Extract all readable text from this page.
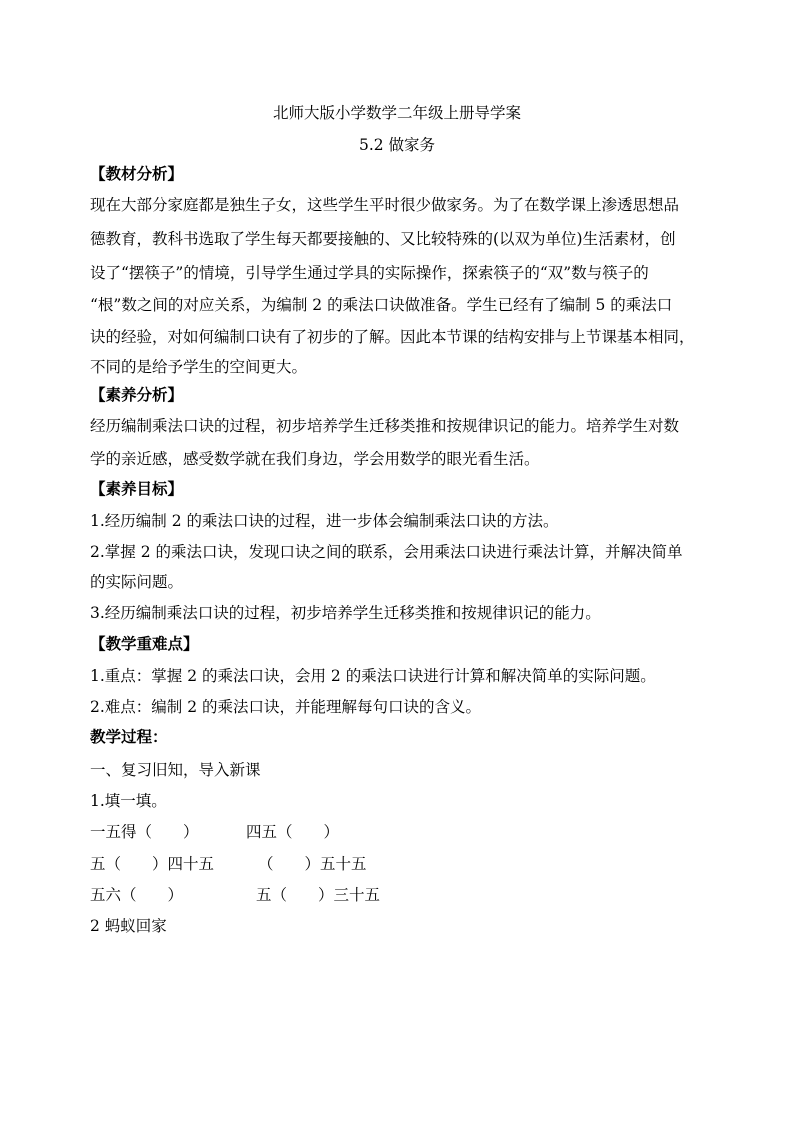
北师大版小学数学二年级上册导学案
5.2 做家务
【教材分析】
现在大部分家庭都是独生子女，这些学生平时很少做家务。为了在数学课上渗透思想品
德教育，教科书选取了学生每天都要接触的、又比较特殊的(以双为单位)生活素材，创
设了“摆筷子”的情境，引导学生通过学具的实际操作，探索筷子的“双”数与筷子的
“根”数之间的对应关系，为编制 2 的乘法口诀做准备。学生已经有了编制 5 的乘法口
诀的经验，对如何编制口诀有了初步的了解。因此本节课的结构安排与上节课基本相同，
不同的是给予学生的空间更大。
【素养分析】
经历编制乘法口诀的过程，初步培养学生迁移类推和按规律识记的能力。培养学生对数
学的亲近感，感受数学就在我们身边，学会用数学的眼光看生活。
【素养目标】
1.经历编制 2 的乘法口诀的过程，进一步体会编制乘法口诀的方法。
2.掌握 2 的乘法口诀，发现口诀之间的联系，会用乘法口诀进行乘法计算，并解决简单
的实际问题。
3.经历编制乘法口诀的过程，初步培养学生迁移类推和按规律识记的能力。
【教学重难点】
1.重点：掌握 2 的乘法口诀，会用 2 的乘法口诀进行计算和解决简单的实际问题。
2.难点：编制 2 的乘法口诀，并能理解每句口诀的含义。
教学过程：
一、复习旧知，导入新课
1.填一填。
一五得（　　）	四五（　　）
五（　　）四十五	（　　）五十五
五六（　　）	五（　　）三十五
2 蚂蚁回家
